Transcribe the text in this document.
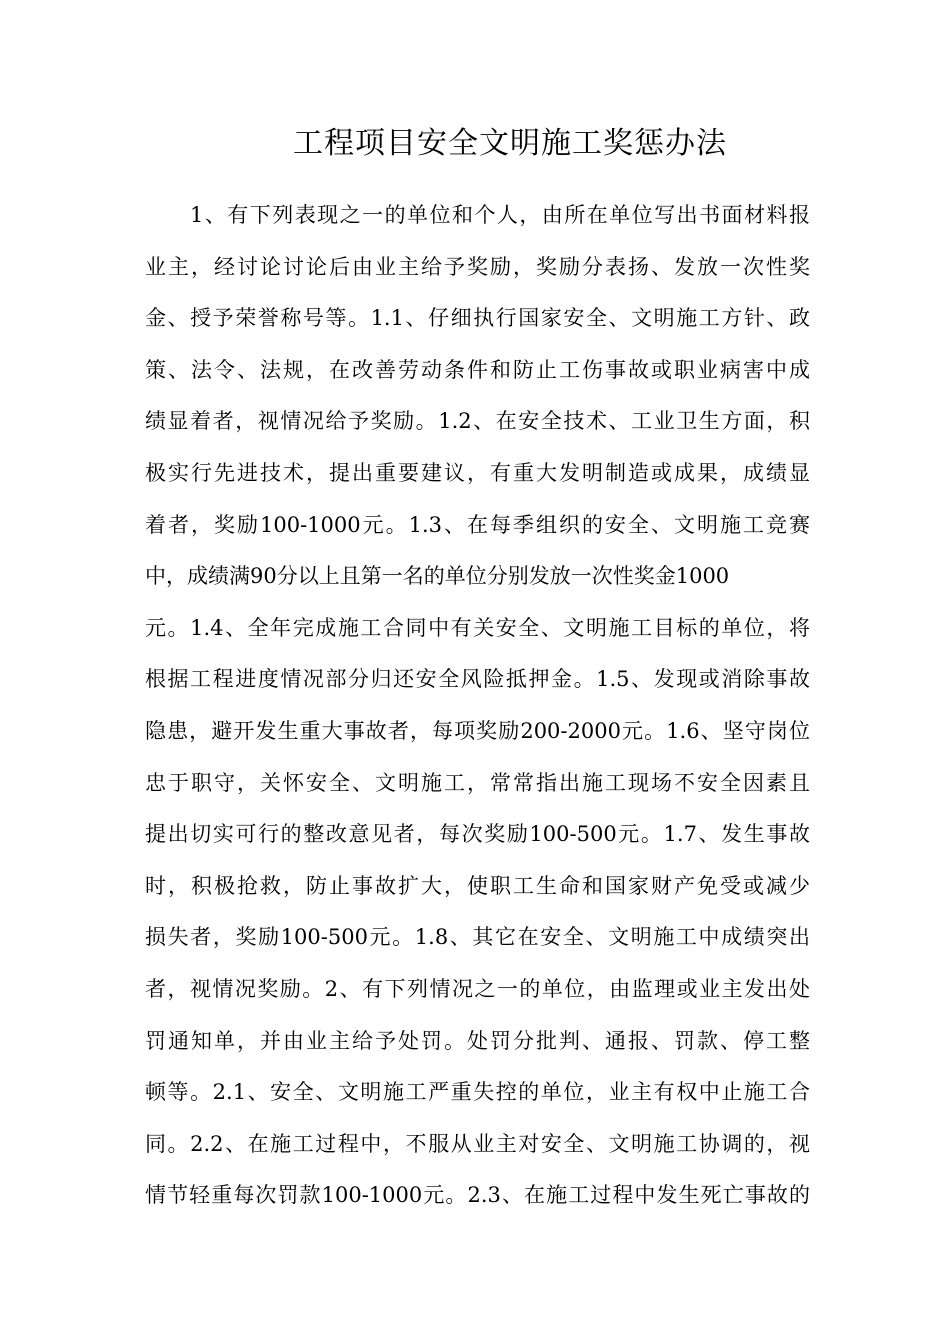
工程项目安全文明施工奖惩办法
1、有下列表现之一的单位和个人，由所在单位写出书面材料报
业主，经讨论讨论后由业主给予奖励，奖励分表扬、发放一次性奖
金、授予荣誉称号等。1.1、仔细执行国家安全、文明施工方针、政
策、法令、法规，在改善劳动条件和防止工伤事故或职业病害中成
绩显着者，视情况给予奖励。1.2、在安全技术、工业卫生方面，积
极实行先进技术，提出重要建议，有重大发明制造或成果，成绩显
着者，奖励100-1000元。1.3、在每季组织的安全、文明施工竞赛
中，成绩满90分以上且第一名的单位分别发放一次性奖金1000
元。1.4、全年完成施工合同中有关安全、文明施工目标的单位，将
根据工程进度情况部分归还安全风险抵押金。1.5、发现或消除事故
隐患，避开发生重大事故者，每项奖励200-2000元。1.6、坚守岗位
忠于职守，关怀安全、文明施工，常常指出施工现场不安全因素且
提出切实可行的整改意见者，每次奖励100-500元。1.7、发生事故
时，积极抢救，防止事故扩大，使职工生命和国家财产免受或减少
损失者，奖励100-500元。1.8、其它在安全、文明施工中成绩突出
者，视情况奖励。2、有下列情况之一的单位，由监理或业主发出处
罚通知单，并由业主给予处罚。处罚分批判、通报、罚款、停工整
顿等。2.1、安全、文明施工严重失控的单位，业主有权中止施工合
同。2.2、在施工过程中，不服从业主对安全、文明施工协调的，视
情节轻重每次罚款100-1000元。2.3、在施工过程中发生死亡事故的
